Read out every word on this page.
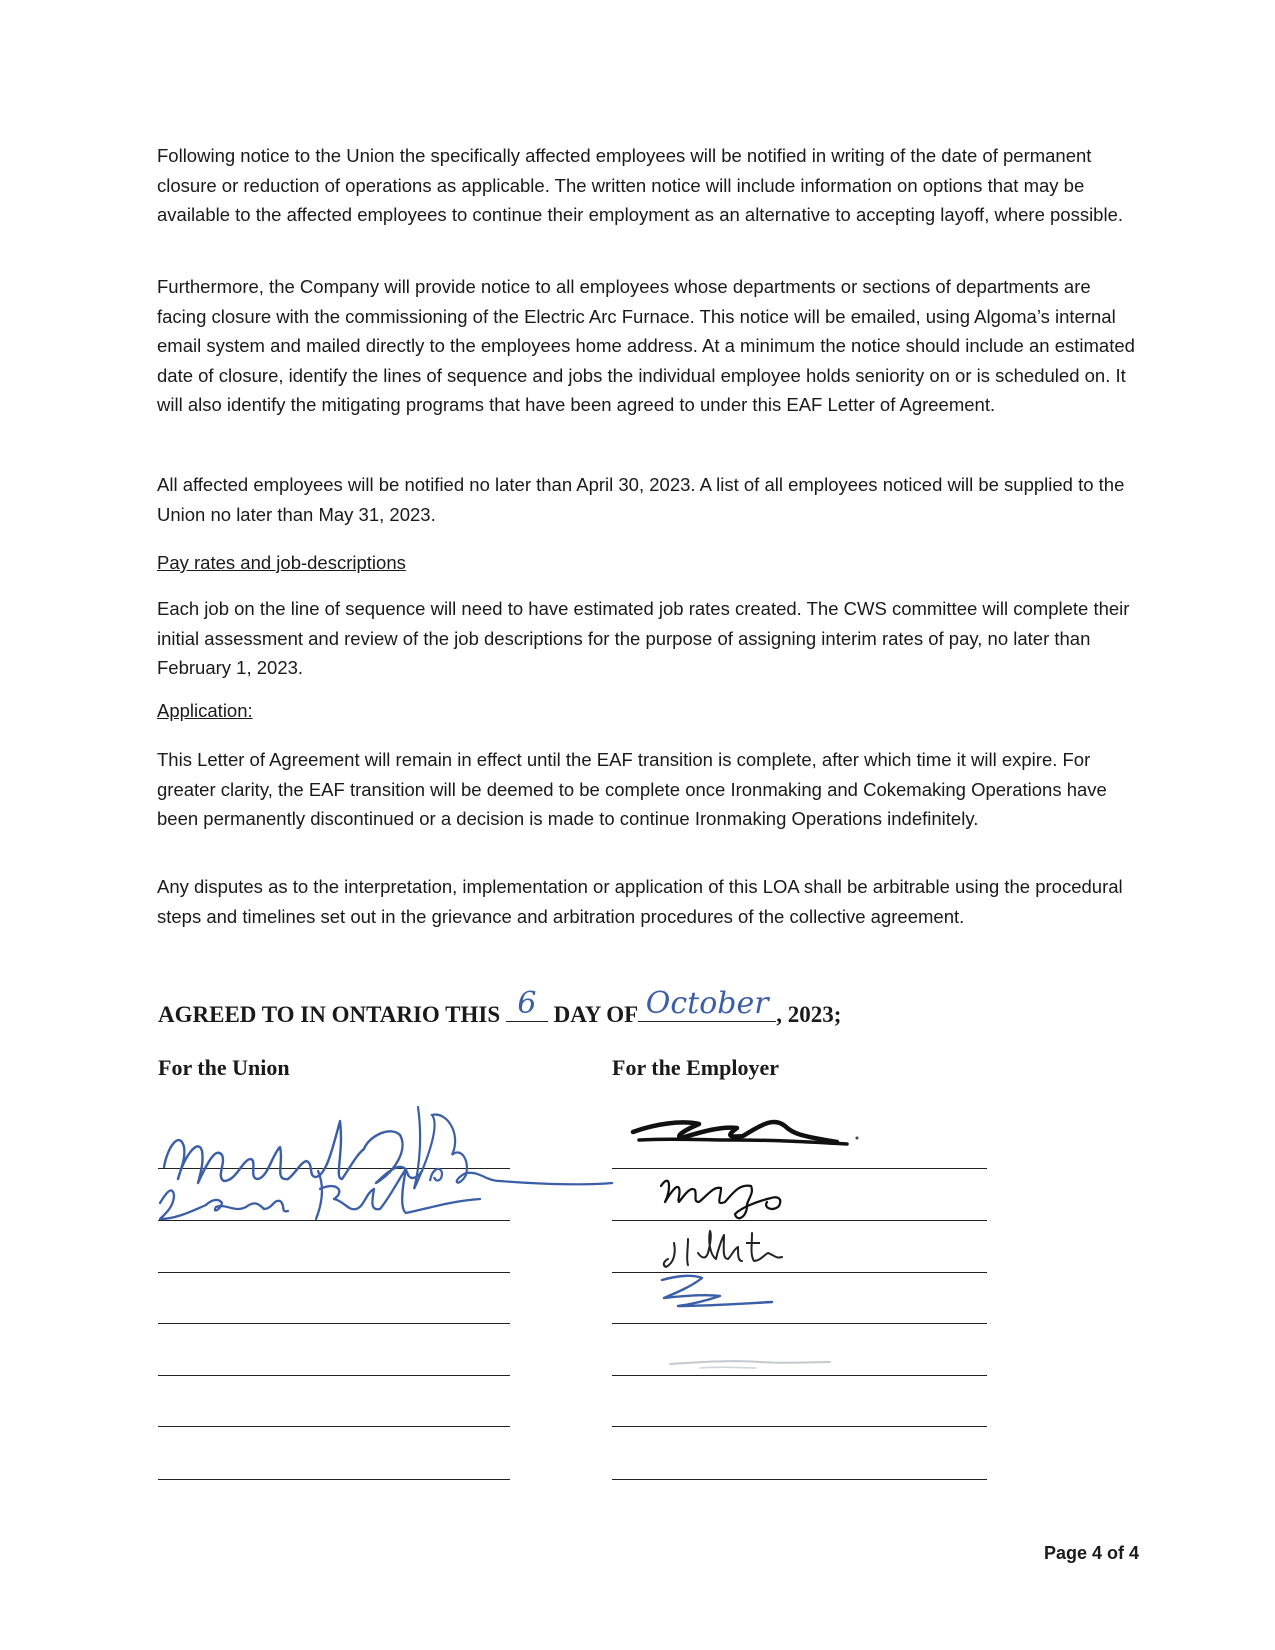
Following notice to the Union the specifically affected employees will be notified in writing of the date of permanent closure or reduction of operations as applicable. The written notice will include information on options that may be available to the affected employees to continue their employment as an alternative to accepting layoff, where possible.

Furthermore, the Company will provide notice to all employees whose departments or sections of departments are facing closure with the commissioning of the Electric Arc Furnace. This notice will be emailed, using Algoma’s internal email system and mailed directly to the employees home address. At a minimum the notice should include an estimated date of closure, identify the lines of sequence and jobs the individual employee holds seniority on or is scheduled on. It will also identify the mitigating programs that have been agreed to under this EAF Letter of Agreement.

All affected employees will be notified no later than April 30, 2023. A list of all employees noticed will be supplied to the Union no later than May 31, 2023.

Pay rates and job-descriptions

Each job on the line of sequence will need to have estimated job rates created. The CWS committee will complete their initial assessment and review of the job descriptions for the purpose of assigning interim rates of pay, no later than February 1, 2023.

Application:

This Letter of Agreement will remain in effect until the EAF transition is complete, after which time it will expire. For greater clarity, the EAF transition will be deemed to be complete once Ironmaking and Cokemaking Operations have been permanently discontinued or a decision is made to continue Ironmaking Operations indefinitely.

Any disputes as to the interpretation, implementation or application of this LOA shall be arbitrable using the procedural steps and timelines set out in the grievance and arbitration procedures of the collective agreement.

AGREED TO IN ONTARIO THIS 6 DAY OF October , 2023;
For the Union	For the Employer
Page 4 of 4
